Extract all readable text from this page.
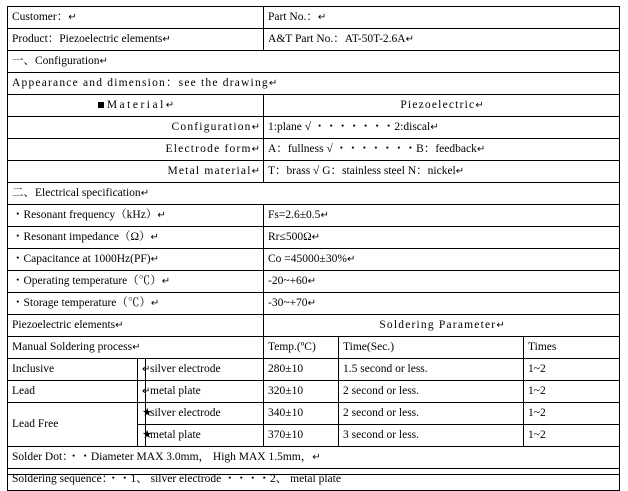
Customer：↵			Part No.：↵		
Product：Piezoelectric elements↵			A&T Part No.：AT-50T-2.6A↵		
一、Configuration↵					
Appearance and dimension：see the drawing↵					
Material↵			Piezoelectric↵		
Configuration↵			1:plane √ ・・・・・・・2:discal↵		
Electrode form↵			A：fullness √ ・・・・・・・B：feedback↵		
Metal material↵			T：brass √ G：stainless steel N：nickel↵		
二、Electrical specification↵					
・Resonant frequency（kHz）↵			Fs=2.6±0.5↵		
・Resonant impedance（Ω）↵			Rr≤500Ω↵		
・Capacitance at 1000Hz(PF)↵			Co =45000±30%↵		
・Operating temperature（℃）↵			-20~+60↵		
・Storage temperature（℃）↵			-30~+70↵		
Piezoelectric elements↵			Soldering Parameter↵		
Manual Soldering process↵			Temp.(ºC)	Time(Sec.)	Times
Inclusive	↵	silver electrode	280±10	1.5 second or less.	1~2
Lead	↵	metal plate	320±10	2 second or less.	1~2
Lead Free	★	silver electrode	340±10	2 second or less.	1~2
	★	metal plate	370±10	3 second or less.	1~2
Solder Dot：・・Diameter MAX 3.0mm， High MAX 1.5mm，↵					
Soldering sequence：・・1、 silver electrode ・・・・2、 metal plate					
